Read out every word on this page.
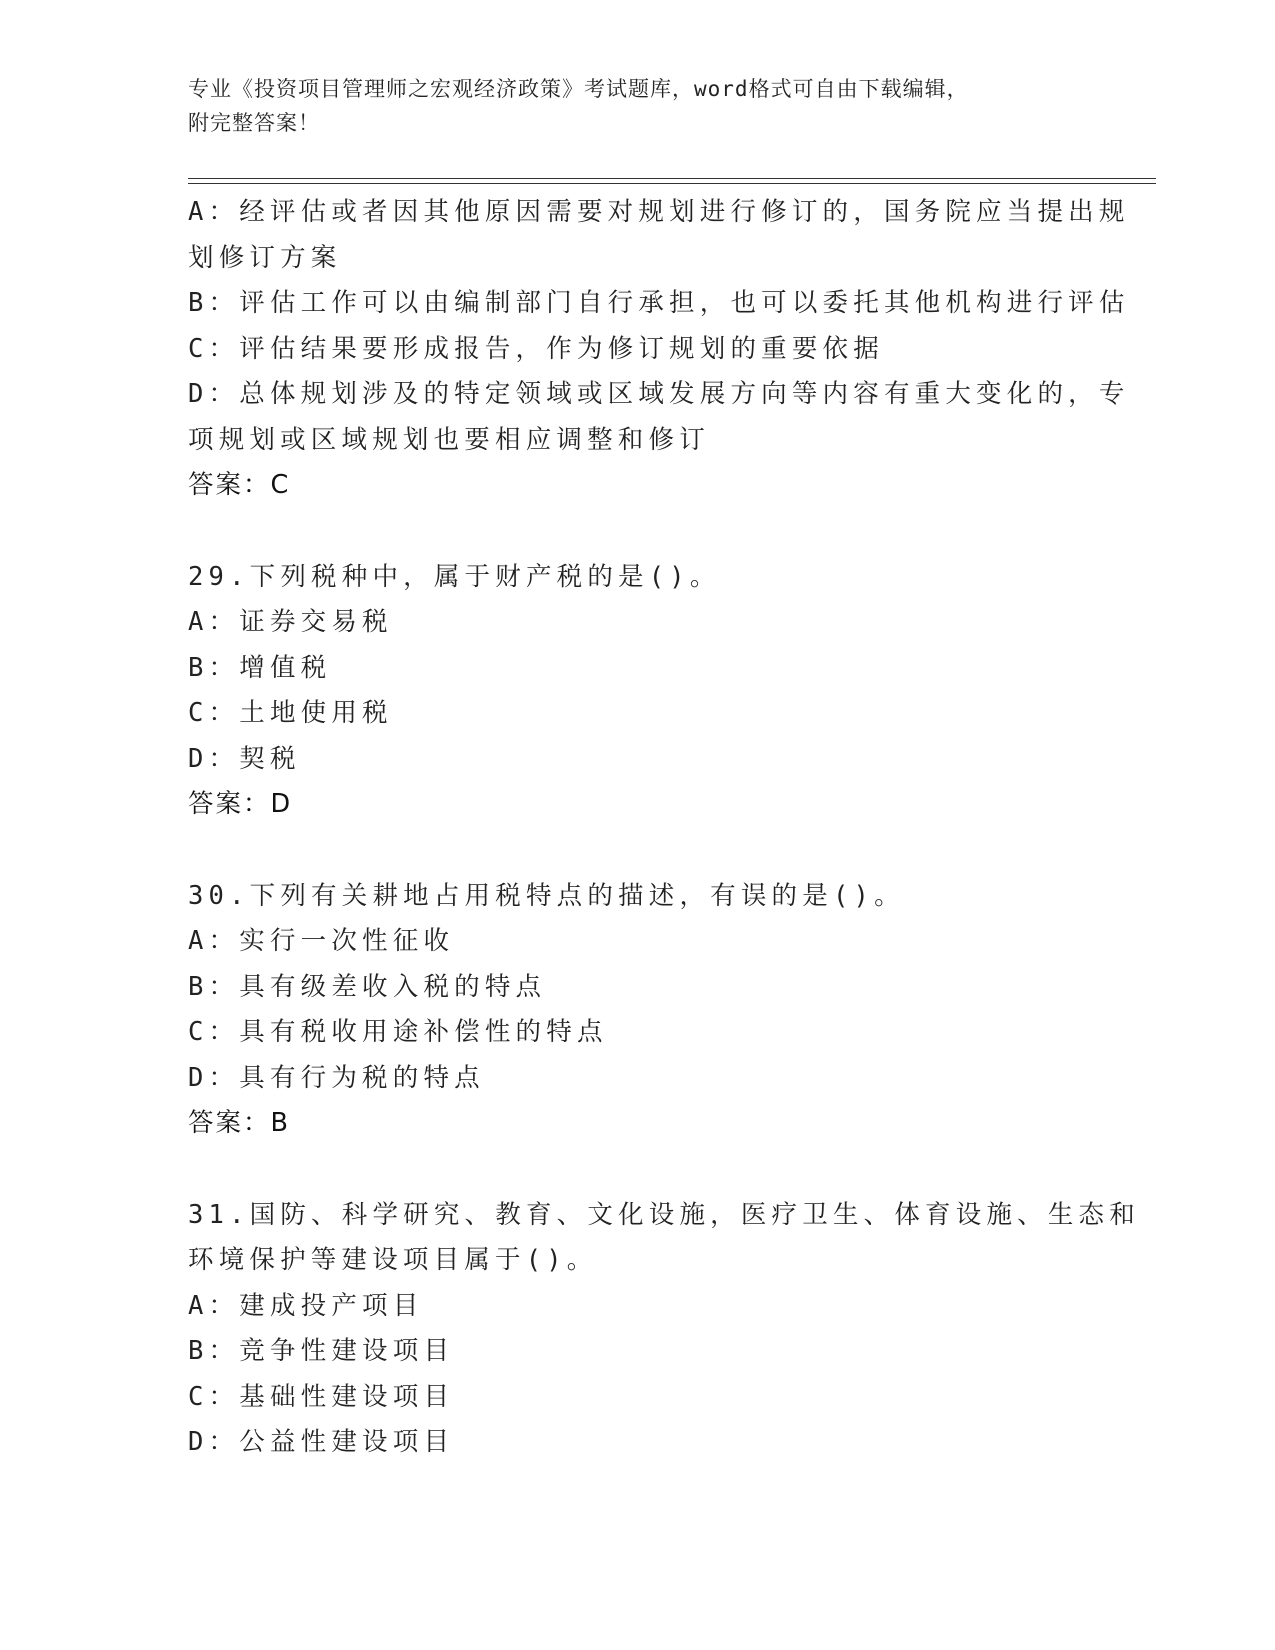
专业《投资项目管理师之宏观经济政策》考试题库，word格式可自由下载编辑，
附完整答案！
A：经评估或者因其他原因需要对规划进行修订的，国务院应当提出规
划修订方案
B：评估工作可以由编制部门自行承担，也可以委托其他机构进行评估
C：评估结果要形成报告，作为修订规划的重要依据
D：总体规划涉及的特定领域或区域发展方向等内容有重大变化的，专
项规划或区域规划也要相应调整和修订
答案：C
29.下列税种中，属于财产税的是()。
A：证券交易税
B：增值税
C：土地使用税
D：契税
答案：D
30.下列有关耕地占用税特点的描述，有误的是()。
A：实行一次性征收
B：具有级差收入税的特点
C：具有税收用途补偿性的特点
D：具有行为税的特点
答案：B
31.国防、科学研究、教育、文化设施，医疗卫生、体育设施、生态和
环境保护等建设项目属于()。
A：建成投产项目
B：竞争性建设项目
C：基础性建设项目
D：公益性建设项目
